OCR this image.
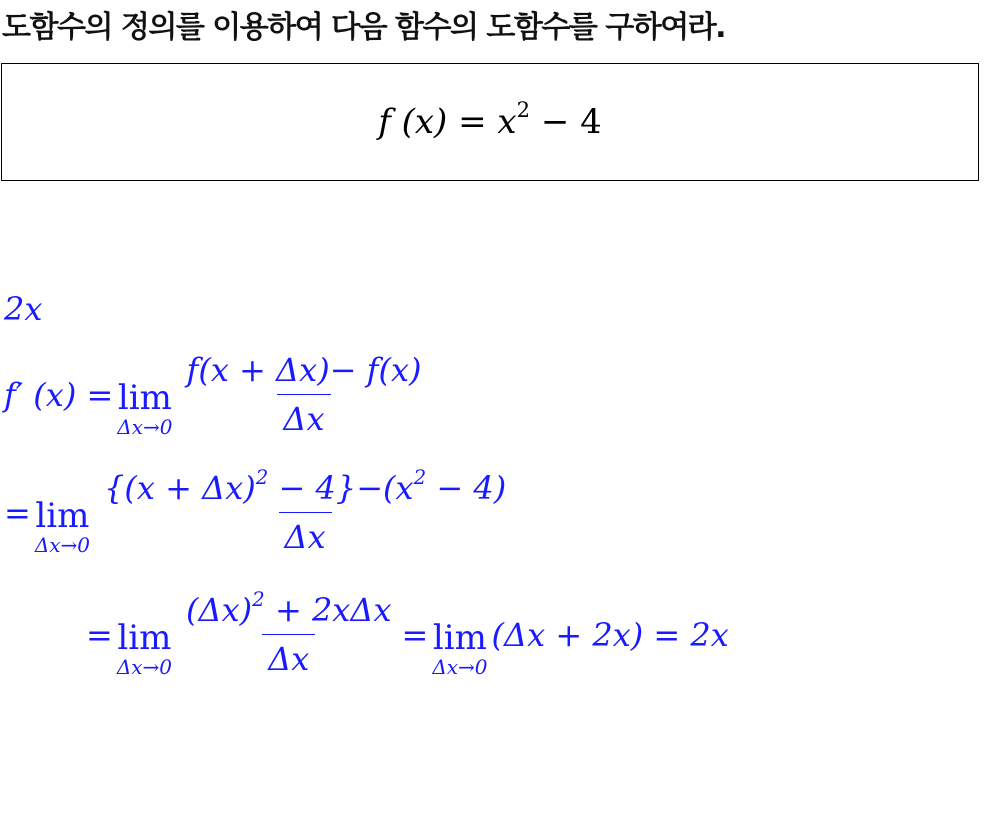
도함수의 정의를 이용하여 다음 함수의 도함수를 구하여라.
f $(x) = x^2 - 4$
2x
f′ (x) = lim
$\Delta x\to 0 \frac{f(x + \Delta x)- f(x)}{\Delta x}$
= lim
$\Delta x\to 0 \frac{\{(x + \Delta x)^2 - 4\}-(x^2 - 4)}{\Delta x}$
= lim
$\Delta x\to 0 \frac{(\Delta x)^2 + 2x\Delta x}{\Delta x} = \lim$
Δx→0
(Δx + 2x) = 2x
